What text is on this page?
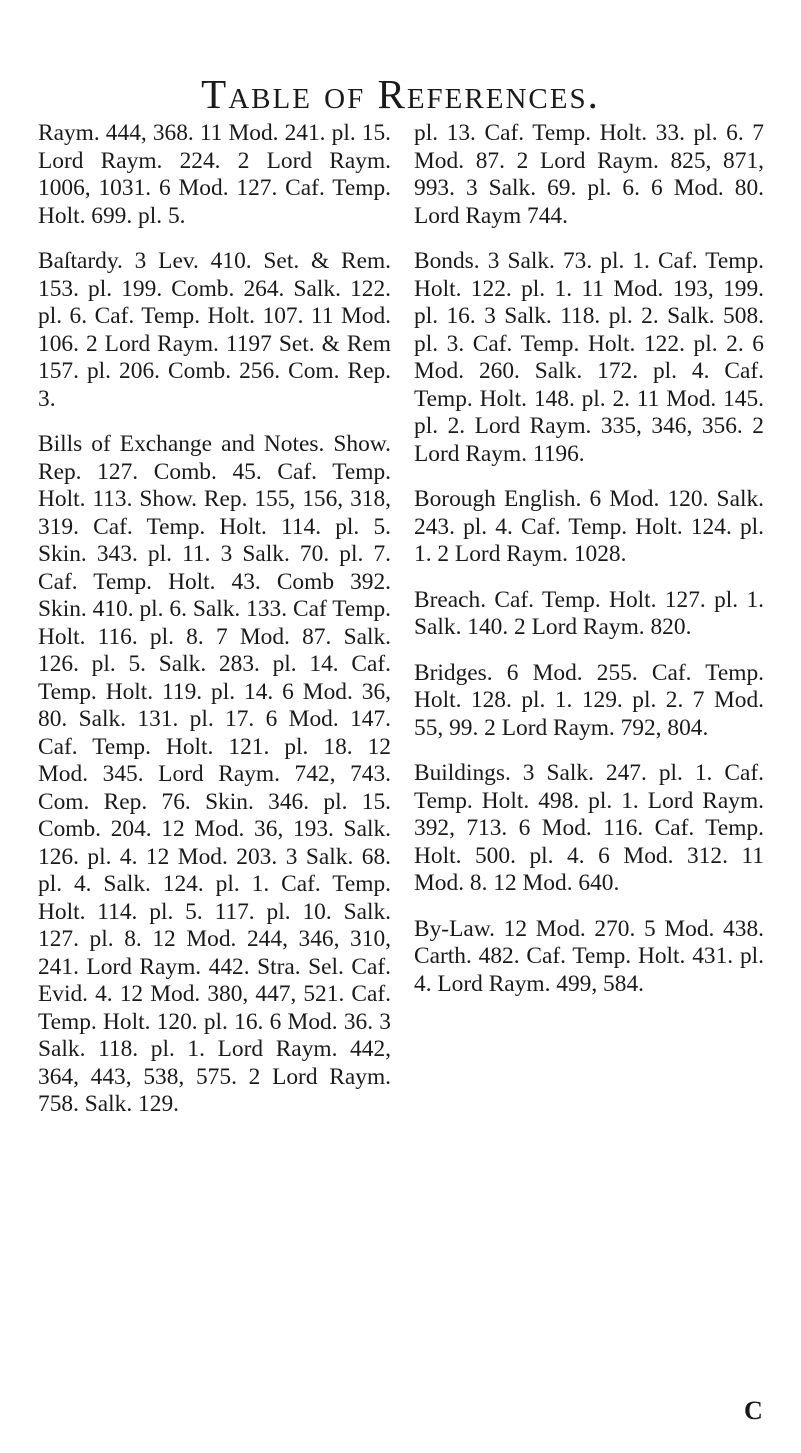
Table of References.

Raym. 444, 368. 11 Mod. 241. pl. 15. Lord Raym. 224. 2 Lord Raym. 1006, 1031. 6 Mod. 127. Caf. Temp. Holt. 699. pl. 5.

Baſtardy. 3 Lev. 410. Set. & Rem. 153. pl. 199. Comb. 264. Salk. 122. pl. 6. Caf. Temp. Holt. 107. 11 Mod. 106. 2 Lord Raym. 1197 Set. & Rem 157. pl. 206. Comb. 256. Com. Rep. 3.

Bills of Exchange and Notes. Show. Rep. 127. Comb. 45. Caf. Temp. Holt. 113. Show. Rep. 155, 156, 318, 319. Caf. Temp. Holt. 114. pl. 5. Skin. 343. pl. 11. 3 Salk. 70. pl. 7. Caf. Temp. Holt. 43. Comb 392. Skin. 410. pl. 6. Salk. 133. Caf Temp. Holt. 116. pl. 8. 7 Mod. 87. Salk. 126. pl. 5. Salk. 283. pl. 14. Caf. Temp. Holt. 119. pl. 14. 6 Mod. 36, 80. Salk. 131. pl. 17. 6 Mod. 147. Caf. Temp. Holt. 121. pl. 18. 12 Mod. 345. Lord Raym. 742, 743. Com. Rep. 76. Skin. 346. pl. 15. Comb. 204. 12 Mod. 36, 193. Salk. 126. pl. 4. 12 Mod. 203. 3 Salk. 68. pl. 4. Salk. 124. pl. 1. Caf. Temp. Holt. 114. pl. 5. 117. pl. 10. Salk. 127. pl. 8. 12 Mod. 244, 346, 310, 241. Lord Raym. 442. Stra. Sel. Caf. Evid. 4. 12 Mod. 380, 447, 521. Caf. Temp. Holt. 120. pl. 16. 6 Mod. 36. 3 Salk. 118. pl. 1. Lord Raym. 442, 364, 443, 538, 575. 2 Lord Raym. 758. Salk. 129.

pl. 13. Caf. Temp. Holt. 33. pl. 6. 7 Mod. 87. 2 Lord Raym. 825, 871, 993. 3 Salk. 69. pl. 6. 6 Mod. 80. Lord Raym 744.

Bonds. 3 Salk. 73. pl. 1. Caf. Temp. Holt. 122. pl. 1. 11 Mod. 193, 199. pl. 16. 3 Salk. 118. pl. 2. Salk. 508. pl. 3. Caf. Temp. Holt. 122. pl. 2. 6 Mod. 260. Salk. 172. pl. 4. Caf. Temp. Holt. 148. pl. 2. 11 Mod. 145. pl. 2. Lord Raym. 335, 346, 356. 2 Lord Raym. 1196.

Borough English. 6 Mod. 120. Salk. 243. pl. 4. Caf. Temp. Holt. 124. pl. 1. 2 Lord Raym. 1028.

Breach. Caf. Temp. Holt. 127. pl. 1. Salk. 140. 2 Lord Raym. 820.

Bridges. 6 Mod. 255. Caf. Temp. Holt. 128. pl. 1. 129. pl. 2. 7 Mod. 55, 99. 2 Lord Raym. 792, 804.

Buildings. 3 Salk. 247. pl. 1. Caf. Temp. Holt. 498. pl. 1. Lord Raym. 392, 713. 6 Mod. 116. Caf. Temp. Holt. 500. pl. 4. 6 Mod. 312. 11 Mod. 8. 12 Mod. 640.

By-Law. 12 Mod. 270. 5 Mod. 438. Carth. 482. Caf. Temp. Holt. 431. pl. 4. Lord Raym. 499, 584.

C
